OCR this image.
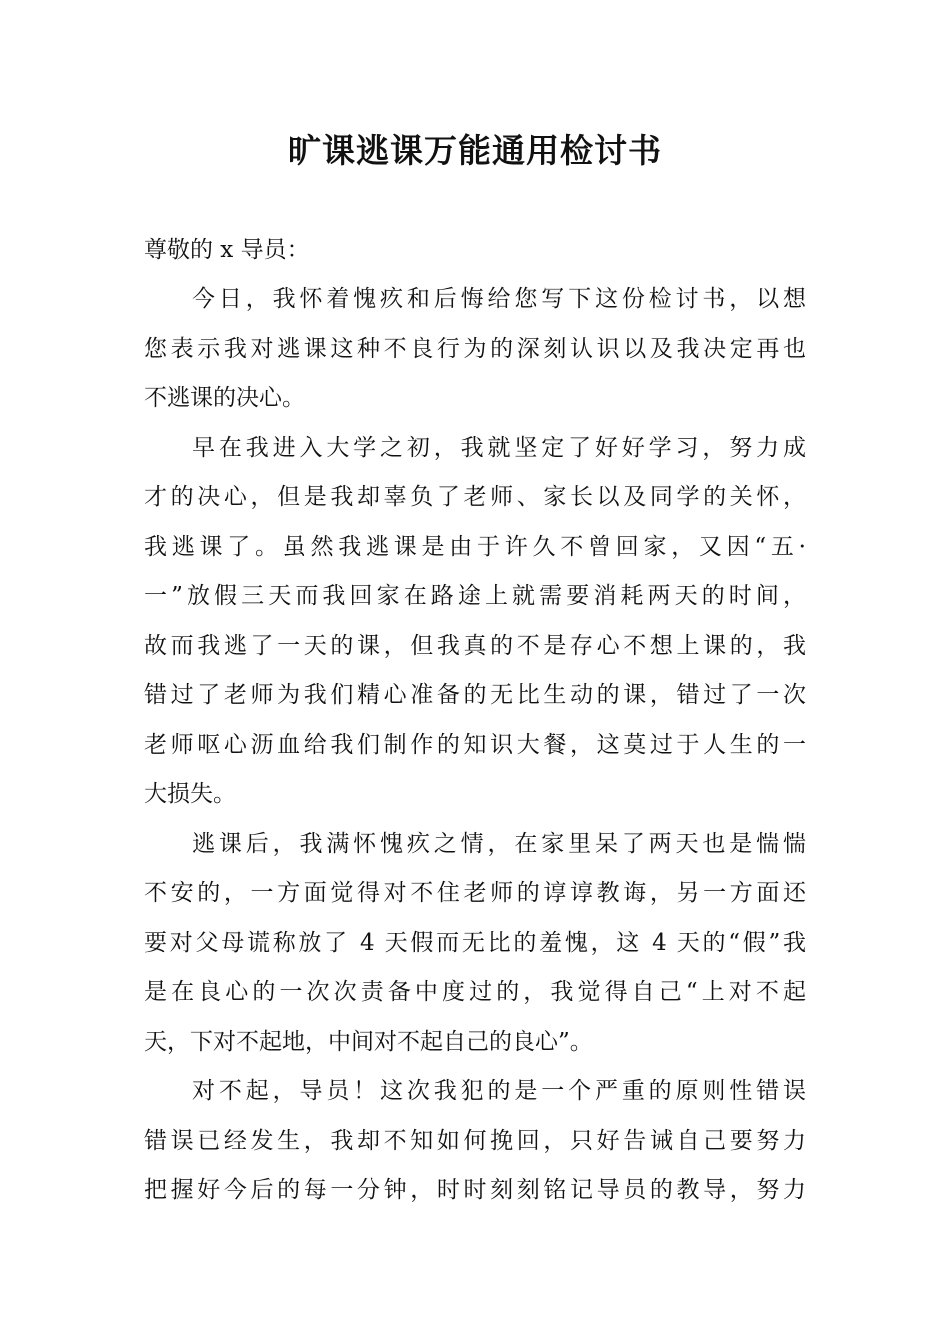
旷课逃课万能通用检讨书

尊敬的 x 导员：

今日，我怀着愧疚和后悔给您写下这份检讨书，以想
您表示我对逃课这种不良行为的深刻认识以及我决定再也
不逃课的决心。

早在我进入大学之初，我就坚定了好好学习，努力成
才的决心，但是我却辜负了老师、家长以及同学的关怀，
我逃课了。虽然我逃课是由于许久不曾回家，又因“五·
一”放假三天而我回家在路途上就需要消耗两天的时间，
故而我逃了一天的课，但我真的不是存心不想上课的，我
错过了老师为我们精心准备的无比生动的课，错过了一次
老师呕心沥血给我们制作的知识大餐，这莫过于人生的一
大损失。

逃课后，我满怀愧疚之情，在家里呆了两天也是惴惴
不安的，一方面觉得对不住老师的谆谆教诲，另一方面还
要对父母谎称放了 4 天假而无比的羞愧，这 4 天的“假”我
是在良心的一次次责备中度过的，我觉得自己“上对不起
天，下对不起地，中间对不起自己的良心”。

对不起，导员！这次我犯的是一个严重的原则性错误
错误已经发生，我却不知如何挽回，只好告诫自己要努力
把握好今后的每一分钟，时时刻刻铭记导员的教导，努力
